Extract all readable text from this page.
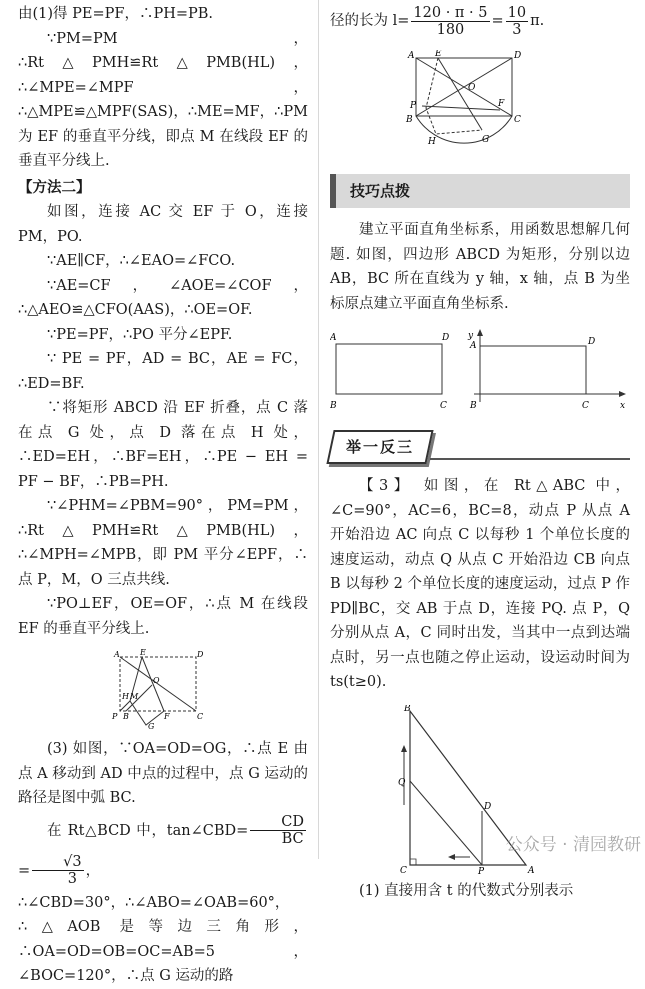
由(1)得 PE=PF，∴PH=PB.

∵PM=PM，∴Rt△PMH≌Rt△PMB(HL)，∴∠MPE=∠MPF，∴△MPE≌△MPF(SAS)，∴ME=MF，∴PM 为 EF 的垂直平分线，即点 M 在线段 EF 的垂直平分线上.

【方法二】

如图，连接 AC 交 EF 于 O，连接 PM，PO.

∵AE∥CF，∴∠EAO=∠FCO.

∵AE=CF，∠AOE=∠COF，∴△AEO≌△CFO(AAS)，∴OE=OF.

∵PE=PF，∴PO 平分∠EPF.

∵ PE = PF，AD = BC，AE = FC，∴ED=BF.

∵将矩形 ABCD 沿 EF 折叠，点 C 落在点 G 处，点 D 落在点 H 处，∴ED=EH，∴BF=EH，∴PE − EH = PF − BF，∴PB=PH.

∵∠PHM=∠PBM=90°，PM=PM，∴Rt△PMH≌Rt△PMB(HL)，∴∠MPH=∠MPB，即 PM 平分∠EPF，∴点 P，M，O 三点共线.

∵PO⊥EF，OE=OF，∴点 M 在线段 EF 的垂直平分线上.

A	E	D
H M
O
P B	F	C
G

(3) 如图，∵OA=OD=OG，∴点 E 由点 A 移动到 AD 中点的过程中，点 G 运动的路径是图中弧 BC.

在 Rt△BCD 中，tan∠CBD= $\frac{CD}{BC}$
= $\frac{√3}{3}$ ，

∴∠CBD=30°，∴∠ABO=∠OAB=60°，

∴△AOB 是等边三角形，∴OA=OD=OB=OC=AB=5，∠BOC=120°，∴点 G 运动的路

径的长为 $l= \frac{120 \cdot \pi \cdot 5}{180} = \frac{10}{3} \pi$.

A E	D
O
P
B	C
F
H	G
技巧点拨

建立平面直角坐标系，用函数思想解几何题. 如图，四边形 ABCD 为矩形，分别以边 AB，BC 所在直线为 y 轴，x 轴，点 B 为坐标原点建立平面直角坐标系.

A	D
B	C
y
A	D
B	C	x
举一反三

【3】 如图，在 Rt△ABC 中，∠C=90°，AC=6，BC=8，动点 P 从点 A 开始沿边 AC 向点 C 以每秒 1 个单位长度的速度运动，动点 Q 从点 C 开始沿边 CB 向点 B 以每秒 2 个单位长度的速度运动，过点 P 作 PD∥BC，交 AB 于点 D，连接 PQ. 点 P，Q 分别从点 A，C 同时出发，当其中一点到达端点时，另一点也随之停止运动，设运动时间为 ts(t≥0).

B
Q
D
C	P	A

(1) 直接用含 t 的代数式分别表示

公众号 · 清园教研
